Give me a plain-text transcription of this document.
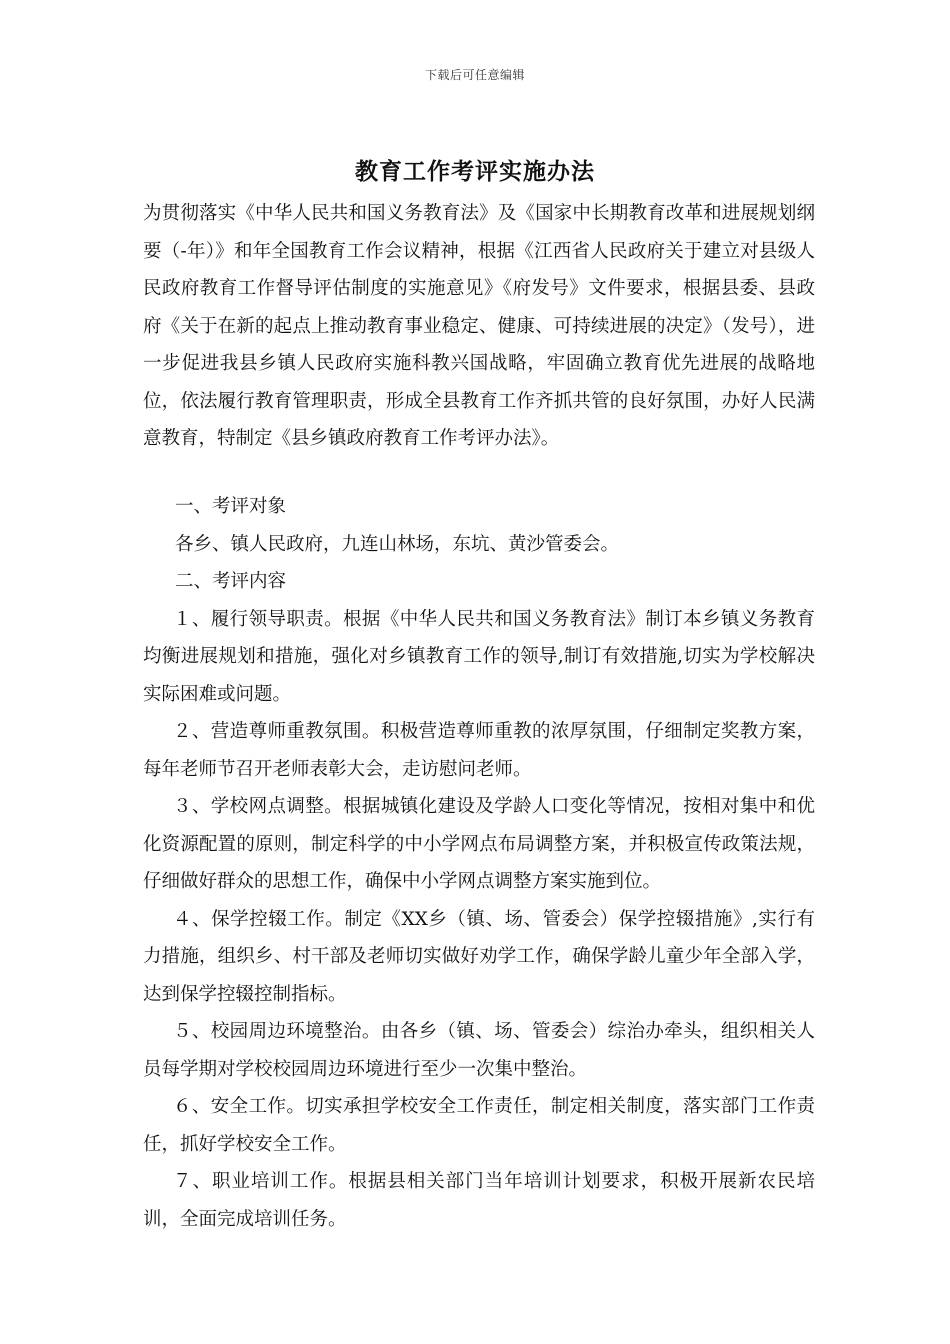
下载后可任意编辑
教育工作考评实施办法

为贯彻落实《中华人民共和国义务教育法》及《国家中长期教育改革和进展规划纲要（-年）》和年全国教育工作会议精神，根据《江西省人民政府关于建立对县级人民政府教育工作督导评估制度的实施意见》《府发号》文件要求，根据县委、县政府《关于在新的起点上推动教育事业稳定、健康、可持续进展的决定》（发号），进一步促进我县乡镇人民政府实施科教兴国战略，牢固确立教育优先进展的战略地位，依法履行教育管理职责，形成全县教育工作齐抓共管的良好氛围，办好人民满意教育，特制定《县乡镇政府教育工作考评办法》。

一、考评对象

各乡、镇人民政府，九连山林场，东坑、黄沙管委会。

二、考评内容

１、履行领导职责。根据《中华人民共和国义务教育法》制订本乡镇义务教育均衡进展规划和措施，强化对乡镇教育工作的领导,制订有效措施,切实为学校解决实际困难或问题。

２、营造尊师重教氛围。积极营造尊师重教的浓厚氛围，仔细制定奖教方案，每年老师节召开老师表彰大会，走访慰问老师。

３、学校网点调整。根据城镇化建设及学龄人口变化等情况，按相对集中和优化资源配置的原则，制定科学的中小学网点布局调整方案，并积极宣传政策法规，仔细做好群众的思想工作，确保中小学网点调整方案实施到位。

４、保学控辍工作。制定《XX乡（镇、场、管委会）保学控辍措施》,实行有力措施，组织乡、村干部及老师切实做好劝学工作，确保学龄儿童少年全部入学，达到保学控辍控制指标。

５、校园周边环境整治。由各乡（镇、场、管委会）综治办牵头，组织相关人员每学期对学校校园周边环境进行至少一次集中整治。

６、安全工作。切实承担学校安全工作责任，制定相关制度，落实部门工作责任，抓好学校安全工作。

７、职业培训工作。根据县相关部门当年培训计划要求，积极开展新农民培训，全面完成培训任务。
